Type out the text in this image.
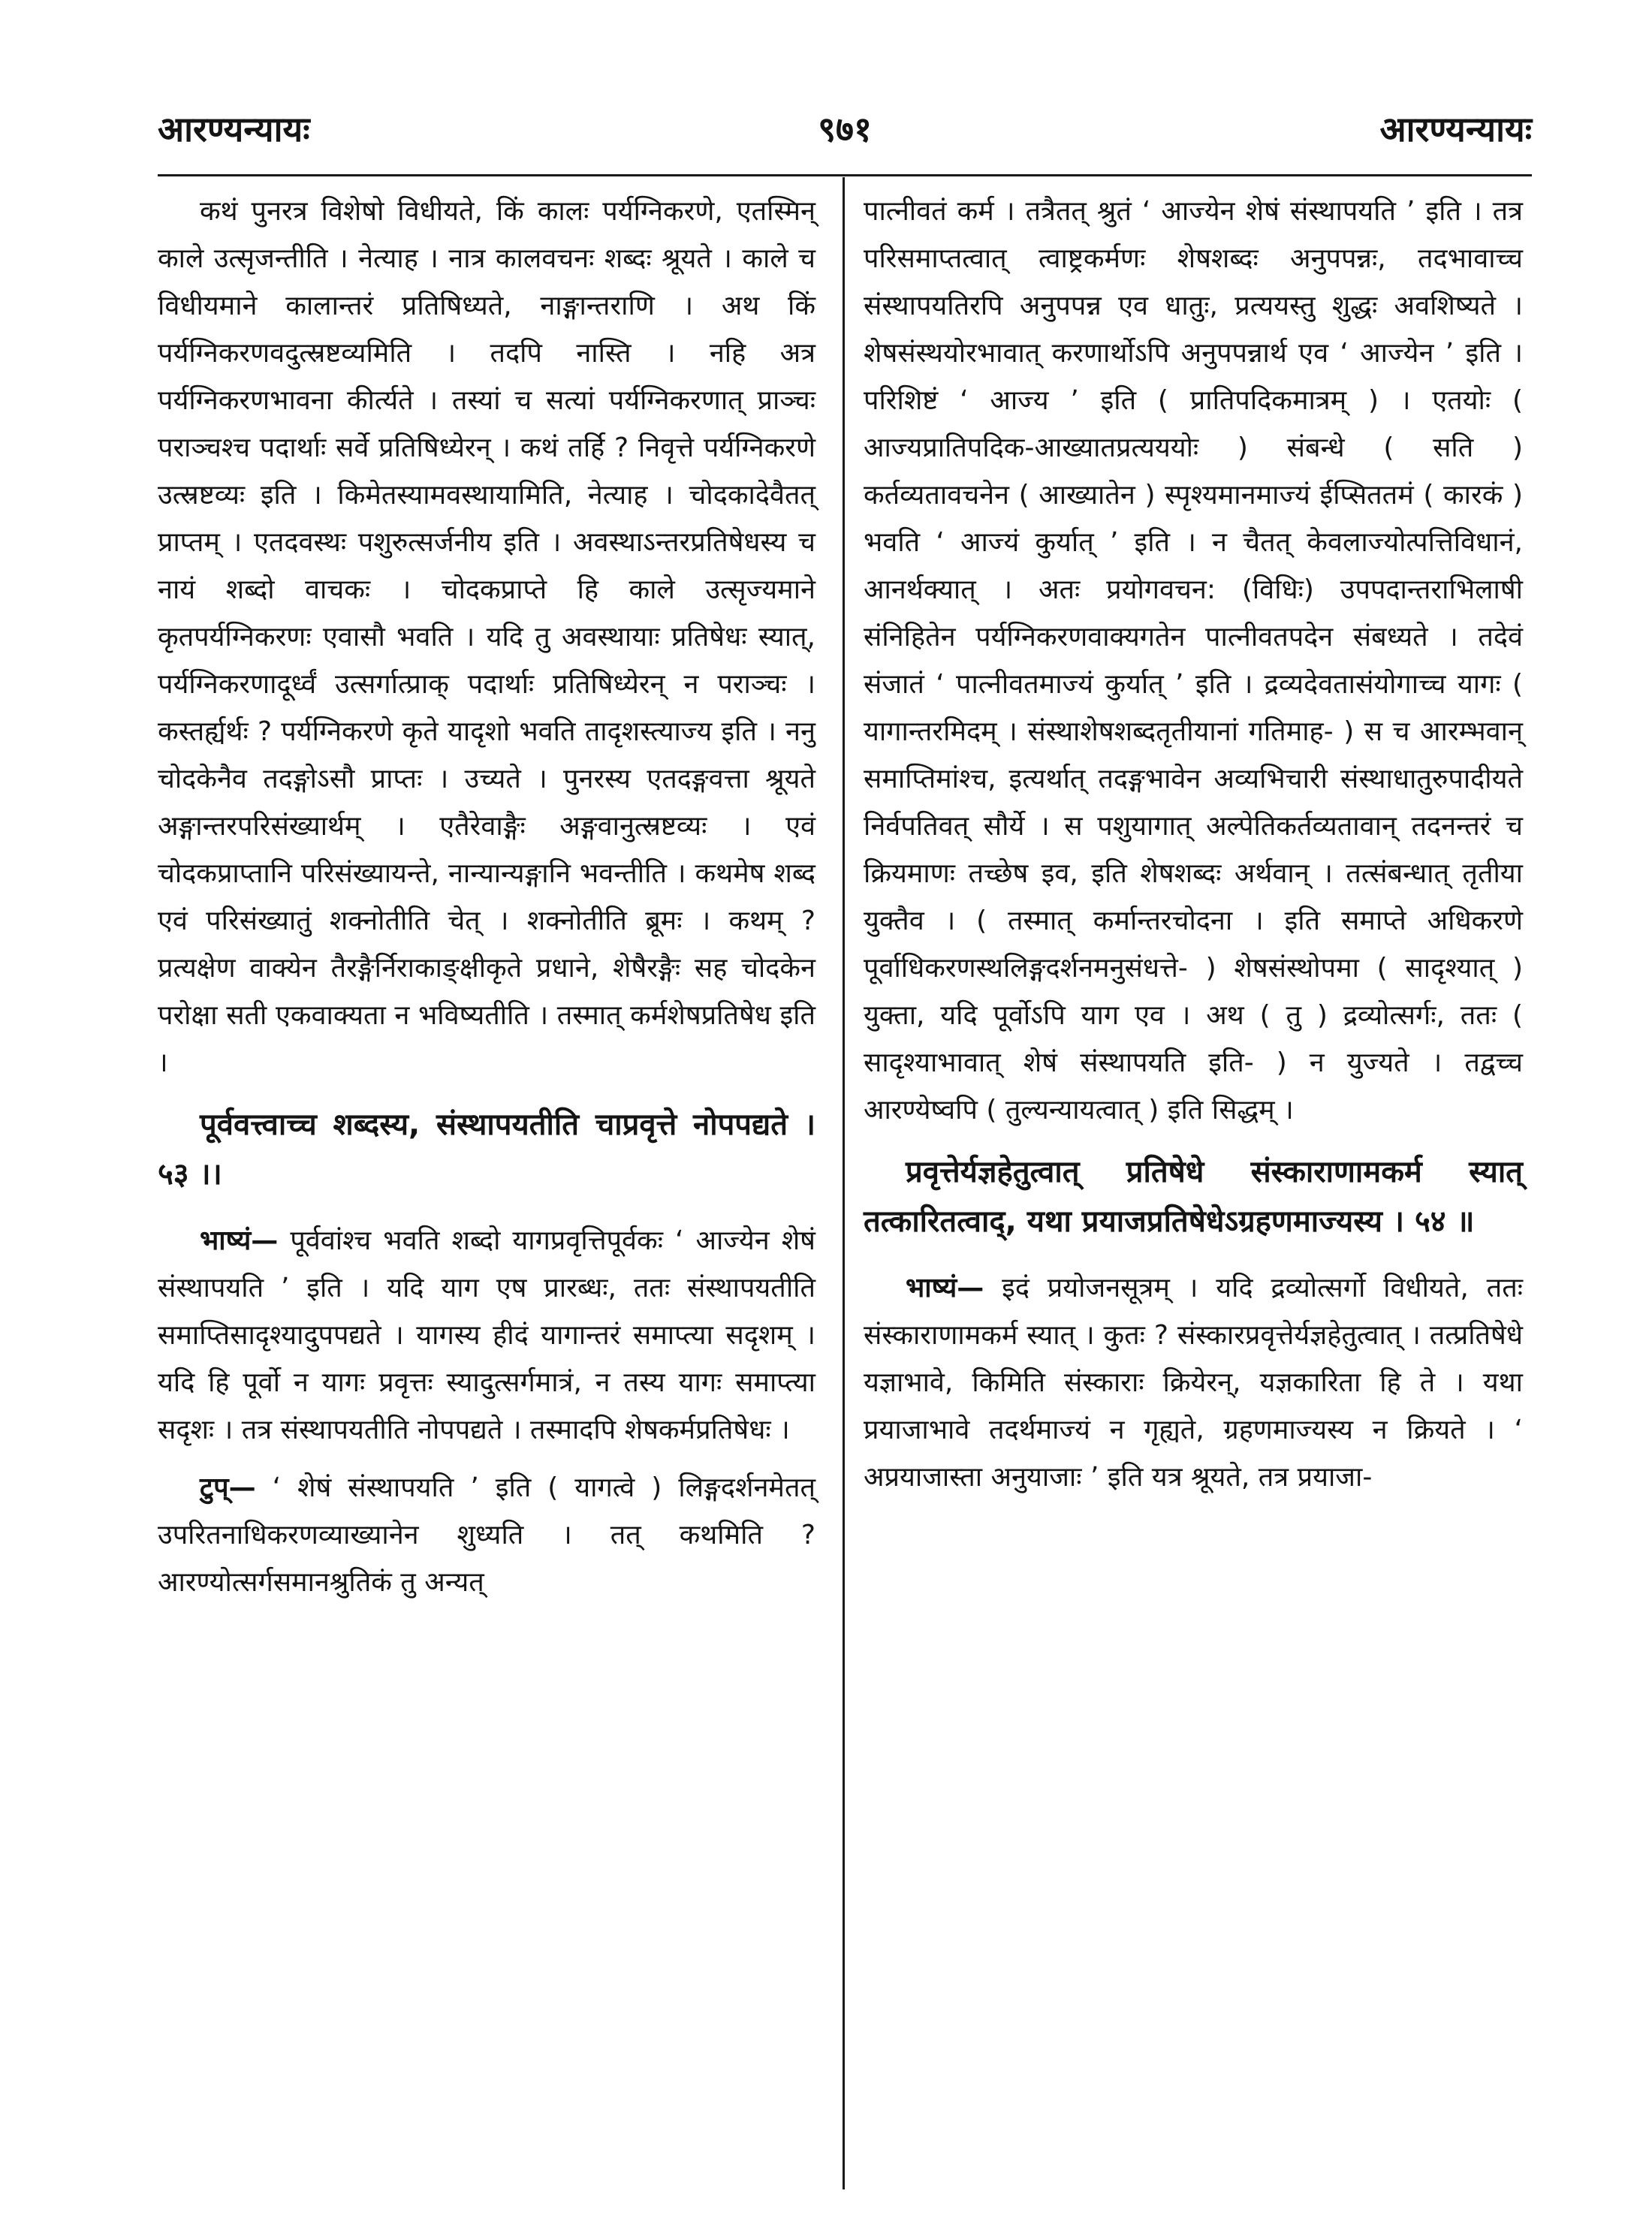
आरण्यन्यायः	९७१	आरण्यन्यायः

कथं पुनरत्र विशेषो विधीयते, किं कालः पर्यग्निकरणे, एतस्मिन् काले उत्सृजन्तीति । नेत्याह । नात्र कालवचनः शब्दः श्रूयते । काले च विधीयमाने कालान्तरं प्रतिषिध्यते, नाङ्गान्तराणि । अथ किं पर्यग्निकरणवदुत्स्रष्टव्यमिति । तदपि नास्ति । नहि अत्र पर्यग्निकरणभावना कीर्त्यते । तस्यां च सत्यां पर्यग्निकरणात् प्राञ्चः पराञ्चश्च पदार्थाः सर्वे प्रतिषिध्येरन् । कथं तर्हि ? निवृत्ते पर्यग्निकरणे उत्स्रष्टव्यः इति । किमेतस्यामवस्थायामिति, नेत्याह । चोदकादेवैतत् प्राप्तम् । एतदवस्थः पशुरुत्सर्जनीय इति । अवस्थाऽन्तरप्रतिषेधस्य च नायं शब्दो वाचकः । चोदकप्राप्ते हि काले उत्सृज्यमाने कृतपर्यग्निकरणः एवासौ भवति । यदि तु अवस्थायाः प्रतिषेधः स्यात्, पर्यग्निकरणादूर्ध्वं उत्सर्गात्प्राक् पदार्थाः प्रतिषिध्येरन् न पराञ्चः । कस्तर्ह्यर्थः ? पर्यग्निकरणे कृते यादृशो भवति तादृशस्त्याज्य इति । ननु चोदकेनैव तदङ्गोऽसौ प्राप्तः । उच्यते । पुनरस्य एतदङ्गवत्ता श्रूयते अङ्गान्तरपरिसंख्यार्थम् । एतैरेवाङ्गैः अङ्गवानुत्स्रष्टव्यः । एवं चोदकप्राप्तानि परिसंख्यायन्ते, नान्यान्यङ्गानि भवन्तीति । कथमेष शब्द एवं परिसंख्यातुं शक्नोतीति चेत् । शक्नोतीति ब्रूमः । कथम् ? प्रत्यक्षेण वाक्येन तैरङ्गैर्निराकाङ्क्षीकृते प्रधाने, शेषैरङ्गैः सह चोदकेन परोक्षा सती एकवाक्यता न भविष्यतीति । तस्मात् कर्मशेषप्रतिषेध इति ।

पूर्ववत्त्वाच्च शब्दस्य, संस्थापयतीति चाप्रवृत्ते नोपपद्यते । ५३ ।।

भाष्यं— पूर्ववांश्च भवति शब्दो यागप्रवृत्तिपूर्वकः ‘ आज्येन शेषं संस्थापयति ’ इति । यदि याग एष प्रारब्धः, ततः संस्थापयतीति समाप्तिसादृश्यादुपपद्यते । यागस्य हीदं यागान्तरं समाप्त्या सदृशम् । यदि हि पूर्वो न यागः प्रवृत्तः स्यादुत्सर्गमात्रं, न तस्य यागः समाप्त्या सदृशः । तत्र संस्थापयतीति नोपपद्यते । तस्मादपि शेषकर्मप्रतिषेधः ।

टुप्— ‘ शेषं संस्थापयति ’ इति ( यागत्वे ) लिङ्गदर्शनमेतत् उपरितनाधिकरणव्याख्यानेन शुध्यति । तत् कथमिति ? आरण्योत्सर्गसमानश्रुतिकं तु अन्यत्

पात्नीवतं कर्म । तत्रैतत् श्रुतं ‘ आज्येन शेषं संस्थापयति ’ इति । तत्र परिसमाप्तत्वात् त्वाष्ट्रकर्मणः शेषशब्दः अनुपपन्नः, तदभावाच्च संस्थापयतिरपि अनुपपन्न एव धातुः, प्रत्ययस्तु शुद्धः अवशिष्यते । शेषसंस्थयोरभावात् करणार्थोऽपि अनुपपन्नार्थ एव ‘ आज्येन ’ इति । परिशिष्टं ‘ आज्य ’ इति ( प्रातिपदिकमात्रम् ) । एतयोः ( आज्यप्रातिपदिक-आख्यातप्रत्यययोः ) संबन्धे ( सति ) कर्तव्यतावचनेन ( आख्यातेन ) स्पृश्यमानमाज्यं ईप्सिततमं ( कारकं ) भवति ‘ आज्यं कुर्यात् ’ इति । न चैतत् केवलाज्योत्पत्तिविधानं, आनर्थक्यात् । अतः प्रयोगवचन: (विधिः) उपपदान्तराभिलाषी संनिहितेन पर्यग्निकरणवाक्यगतेन पात्नीवतपदेन संबध्यते । तदेवं संजातं ‘ पात्नीवतमाज्यं कुर्यात् ’ इति । द्रव्यदेवतासंयोगाच्च यागः ( यागान्तरमिदम् । संस्थाशेषशब्दतृतीयानां गतिमाह- ) स च आरम्भवान् समाप्तिमांश्च, इत्यर्थात् तदङ्गभावेन अव्यभिचारी संस्थाधातुरुपादीयते निर्वपतिवत् सौर्ये । स पशुयागात् अल्पेतिकर्तव्यतावान् तदनन्तरं च क्रियमाणः तच्छेष इव, इति शेषशब्दः अर्थवान् । तत्संबन्धात् तृतीया युक्तैव । ( तस्मात् कर्मान्तरचोदना । इति समाप्ते अधिकरणे पूर्वाधिकरणस्थलिङ्गदर्शनमनुसंधत्ते- ) शेषसंस्थोपमा ( सादृश्यात् ) युक्ता, यदि पूर्वोऽपि याग एव । अथ ( तु ) द्रव्योत्सर्गः, ततः ( सादृश्याभावात् शेषं संस्थापयति इति- ) न युज्यते । तद्वच्च आरण्येष्वपि ( तुल्यन्यायत्वात् ) इति सिद्धम् ।

प्रवृत्तेर्यज्ञहेतुत्वात् प्रतिषेधे संस्काराणामकर्म स्यात् तत्कारितत्वाद्, यथा प्रयाजप्रतिषेधेऽग्रहणमाज्यस्य । ५४ ॥

भाष्यं— इदं प्रयोजनसूत्रम् । यदि द्रव्योत्सर्गो विधीयते, ततः संस्काराणामकर्म स्यात् । कुतः ? संस्कारप्रवृत्तेर्यज्ञहेतुत्वात् । तत्प्रतिषेधे यज्ञाभावे, किमिति संस्काराः क्रियेरन्, यज्ञकारिता हि ते । यथा प्रयाजाभावे तदर्थमाज्यं न गृह्यते, ग्रहणमाज्यस्य न क्रियते । ‘ अप्रयाजास्ता अनुयाजाः ’ इति यत्र श्रूयते, तत्र प्रयाजा-
